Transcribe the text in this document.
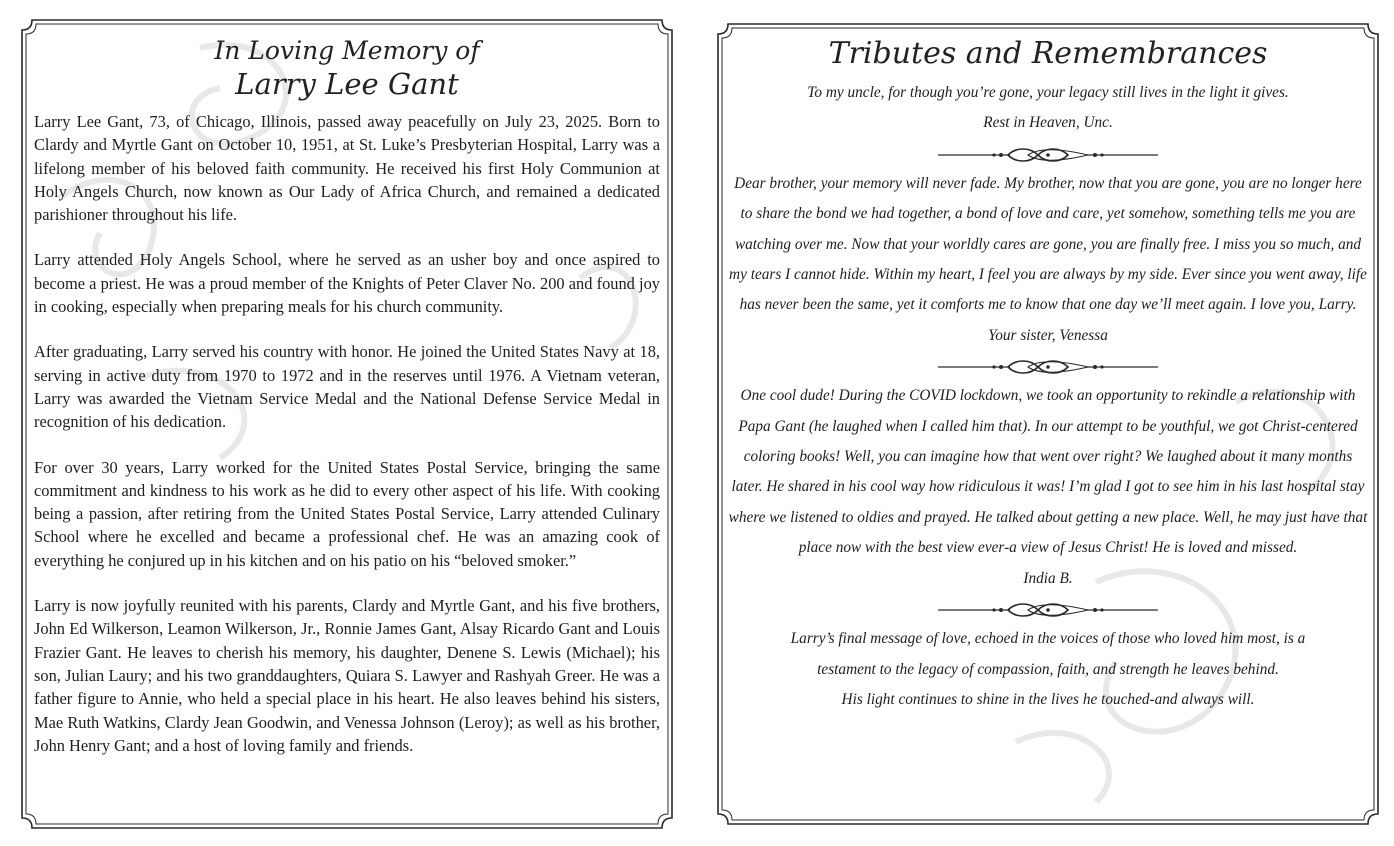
In Loving Memory of

Larry Lee Gant

Larry Lee Gant, 73, of Chicago, Illinois, passed away peacefully on July 23, 2025. Born to Clardy and Myrtle Gant on October 10, 1951, at St. Luke’s Presbyterian Hospital, Larry was a lifelong member of his beloved faith community. He received his first Holy Communion at Holy Angels Church, now known as Our Lady of Africa Church, and remained a dedicated parishioner throughout his life.

Larry attended Holy Angels School, where he served as an usher boy and once aspired to become a priest. He was a proud member of the Knights of Peter Claver No. 200 and found joy in cooking, especially when preparing meals for his church community.

After graduating, Larry served his country with honor. He joined the United States Navy at 18, serving in active duty from 1970 to 1972 and in the reserves until 1976. A Vietnam veteran, Larry was awarded the Vietnam Service Medal and the National Defense Service Medal in recognition of his dedication.

For over 30 years, Larry worked for the United States Postal Service, bringing the same commitment and kindness to his work as he did to every other aspect of his life. With cooking being a passion, after retiring from the United States Postal Service, Larry attended Culinary School where he excelled and became a professional chef. He was an amazing cook of everything he conjured up in his kitchen and on his patio on his “beloved smoker.”

Larry is now joyfully reunited with his parents, Clardy and Myrtle Gant, and his five brothers, John Ed Wilkerson, Leamon Wilkerson, Jr., Ronnie James Gant, Alsay Ricardo Gant and Louis Frazier Gant. He leaves to cherish his memory, his daughter, Denene S. Lewis (Michael); his son, Julian Laury; and his two granddaughters, Quiara S. Lawyer and Rashyah Greer. He was a father figure to Annie, who held a special place in his heart. He also leaves behind his sisters, Mae Ruth Watkins, Clardy Jean Goodwin, and Venessa Johnson (Leroy); as well as his brother, John Henry Gant; and a host of loving family and friends.

Tributes and Remembrances

To my uncle, for though you’re gone, your legacy still lives in the light it gives.

Rest in Heaven, Unc.

Dear brother, your memory will never fade. My brother, now that you are gone, you are no longer here to share the bond we had together, a bond of love and care, yet somehow, something tells me you are watching over me. Now that your worldly cares are gone, you are finally free. I miss you so much, and my tears I cannot hide. Within my heart, I feel you are always by my side. Ever since you went away, life has never been the same, yet it comforts me to know that one day we’ll meet again. I love you, Larry.

Your sister, Venessa

One cool dude! During the COVID lockdown, we took an opportunity to rekindle a relationship with Papa Gant (he laughed when I called him that). In our attempt to be youthful, we got Christ-centered coloring books! Well, you can imagine how that went over right? We laughed about it many months later. He shared in his cool way how ridiculous it was! I’m glad I got to see him in his last hospital stay where we listened to oldies and prayed. He talked about getting a new place. Well, he may just have that place now with the best view ever-a view of Jesus Christ! He is loved and missed.

India B.

Larry’s final message of love, echoed in the voices of those who loved him most, is a

testament to the legacy of compassion, faith, and strength he leaves behind.

His light continues to shine in the lives he touched-and always will.
